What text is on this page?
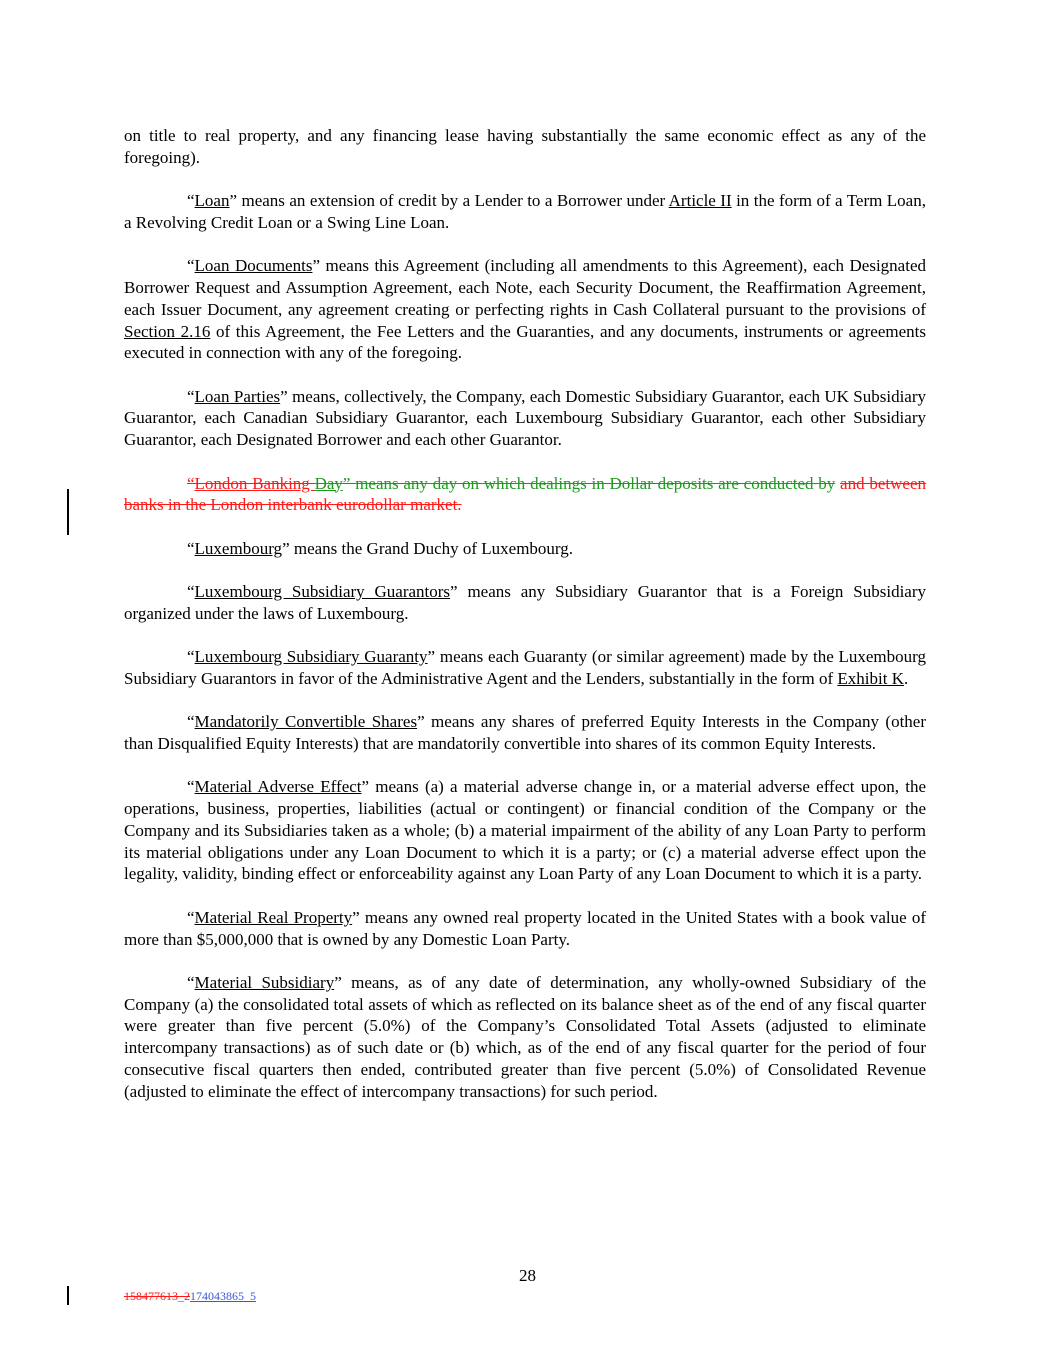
on title to real property, and any financing lease having substantially the same economic effect as any of the foregoing).

“Loan” means an extension of credit by a Lender to a Borrower under Article II in the form of a Term Loan, a Revolving Credit Loan or a Swing Line Loan.

“Loan Documents” means this Agreement (including all amendments to this Agreement), each Designated Borrower Request and Assumption Agreement, each Note, each Security Document, the Reaffirmation Agreement, each Issuer Document, any agreement creating or perfecting rights in Cash Collateral pursuant to the provisions of Section 2.16 of this Agreement, the Fee Letters and the Guaranties, and any documents, instruments or agreements executed in connection with any of the foregoing.

“Loan Parties” means, collectively, the Company, each Domestic Subsidiary Guarantor, each UK Subsidiary Guarantor, each Canadian Subsidiary Guarantor, each Luxembourg Subsidiary Guarantor, each other Subsidiary Guarantor, each Designated Borrower and each other Guarantor.

“London Banking Day” means any day on which dealings in Dollar deposits are conducted by and between banks in the London interbank eurodollar market.

“Luxembourg” means the Grand Duchy of Luxembourg.

“Luxembourg Subsidiary Guarantors” means any Subsidiary Guarantor that is a Foreign Subsidiary organized under the laws of Luxembourg.

“Luxembourg Subsidiary Guaranty” means each Guaranty (or similar agreement) made by the Luxembourg Subsidiary Guarantors in favor of the Administrative Agent and the Lenders, substantially in the form of Exhibit K.

“Mandatorily Convertible Shares” means any shares of preferred Equity Interests in the Company (other than Disqualified Equity Interests) that are mandatorily convertible into shares of its common Equity Interests.

“Material Adverse Effect” means (a) a material adverse change in, or a material adverse effect upon, the operations, business, properties, liabilities (actual or contingent) or financial condition of the Company or the Company and its Subsidiaries taken as a whole; (b) a material impairment of the ability of any Loan Party to perform its material obligations under any Loan Document to which it is a party; or (c) a material adverse effect upon the legality, validity, binding effect or enforceability against any Loan Party of any Loan Document to which it is a party.

“Material Real Property” means any owned real property located in the United States with a book value of more than $5,000,000 that is owned by any Domestic Loan Party.

“Material Subsidiary” means, as of any date of determination, any wholly-owned Subsidiary of the Company (a) the consolidated total assets of which as reflected on its balance sheet as of the end of any fiscal quarter were greater than five percent (5.0%) of the Company’s Consolidated Total Assets (adjusted to eliminate intercompany transactions) as of such date or (b) which, as of the end of any fiscal quarter for the period of four consecutive fiscal quarters then ended, contributed greater than five percent (5.0%) of Consolidated Revenue (adjusted to eliminate the effect of intercompany transactions) for such period.

28
158477613_2174043865_5
